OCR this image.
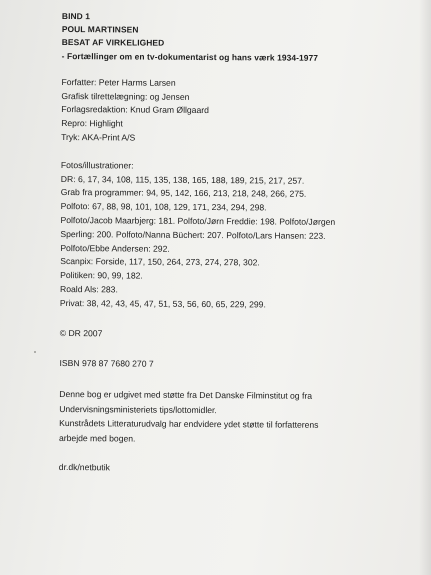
BIND 1
POUL MARTINSEN
BESAT AF VIRKELIGHED
- Fortællinger om en tv-dokumentarist og hans værk 1934-1977
Forfatter: Peter Harms Larsen
Grafisk tilrettelægning: og Jensen
Forlagsredaktion: Knud Gram Øllgaard
Repro: Highlight
Tryk: AKA-Print A/S
Fotos/illustrationer:
DR: 6, 17, 34, 108, 115, 135, 138, 165, 188, 189, 215, 217, 257.
Grab fra programmer: 94, 95, 142, 166, 213, 218, 248, 266, 275.
Polfoto: 67, 88, 98, 101, 108, 129, 171, 234, 294, 298.
Polfoto/Jacob Maarbjerg: 181. Polfoto/Jørn Freddie: 198. Polfoto/Jørgen
Sperling: 200. Polfoto/Nanna Büchert: 207. Polfoto/Lars Hansen: 223.
Polfoto/Ebbe Andersen: 292.
Scanpix: Forside, 117, 150, 264, 273, 274, 278, 302.
Politiken: 90, 99, 182.
Roald Als: 283.
Privat: 38, 42, 43, 45, 47, 51, 53, 56, 60, 65, 229, 299.
© DR 2007
ISBN 978 87 7680 270 7
Denne bog er udgivet med støtte fra Det Danske Filminstitut og fra
Undervisningsministeriets tips/lottomidler.
Kunstrådets Litteraturudvalg har endvidere ydet støtte til forfatterens
arbejde med bogen.
dr.dk/netbutik
